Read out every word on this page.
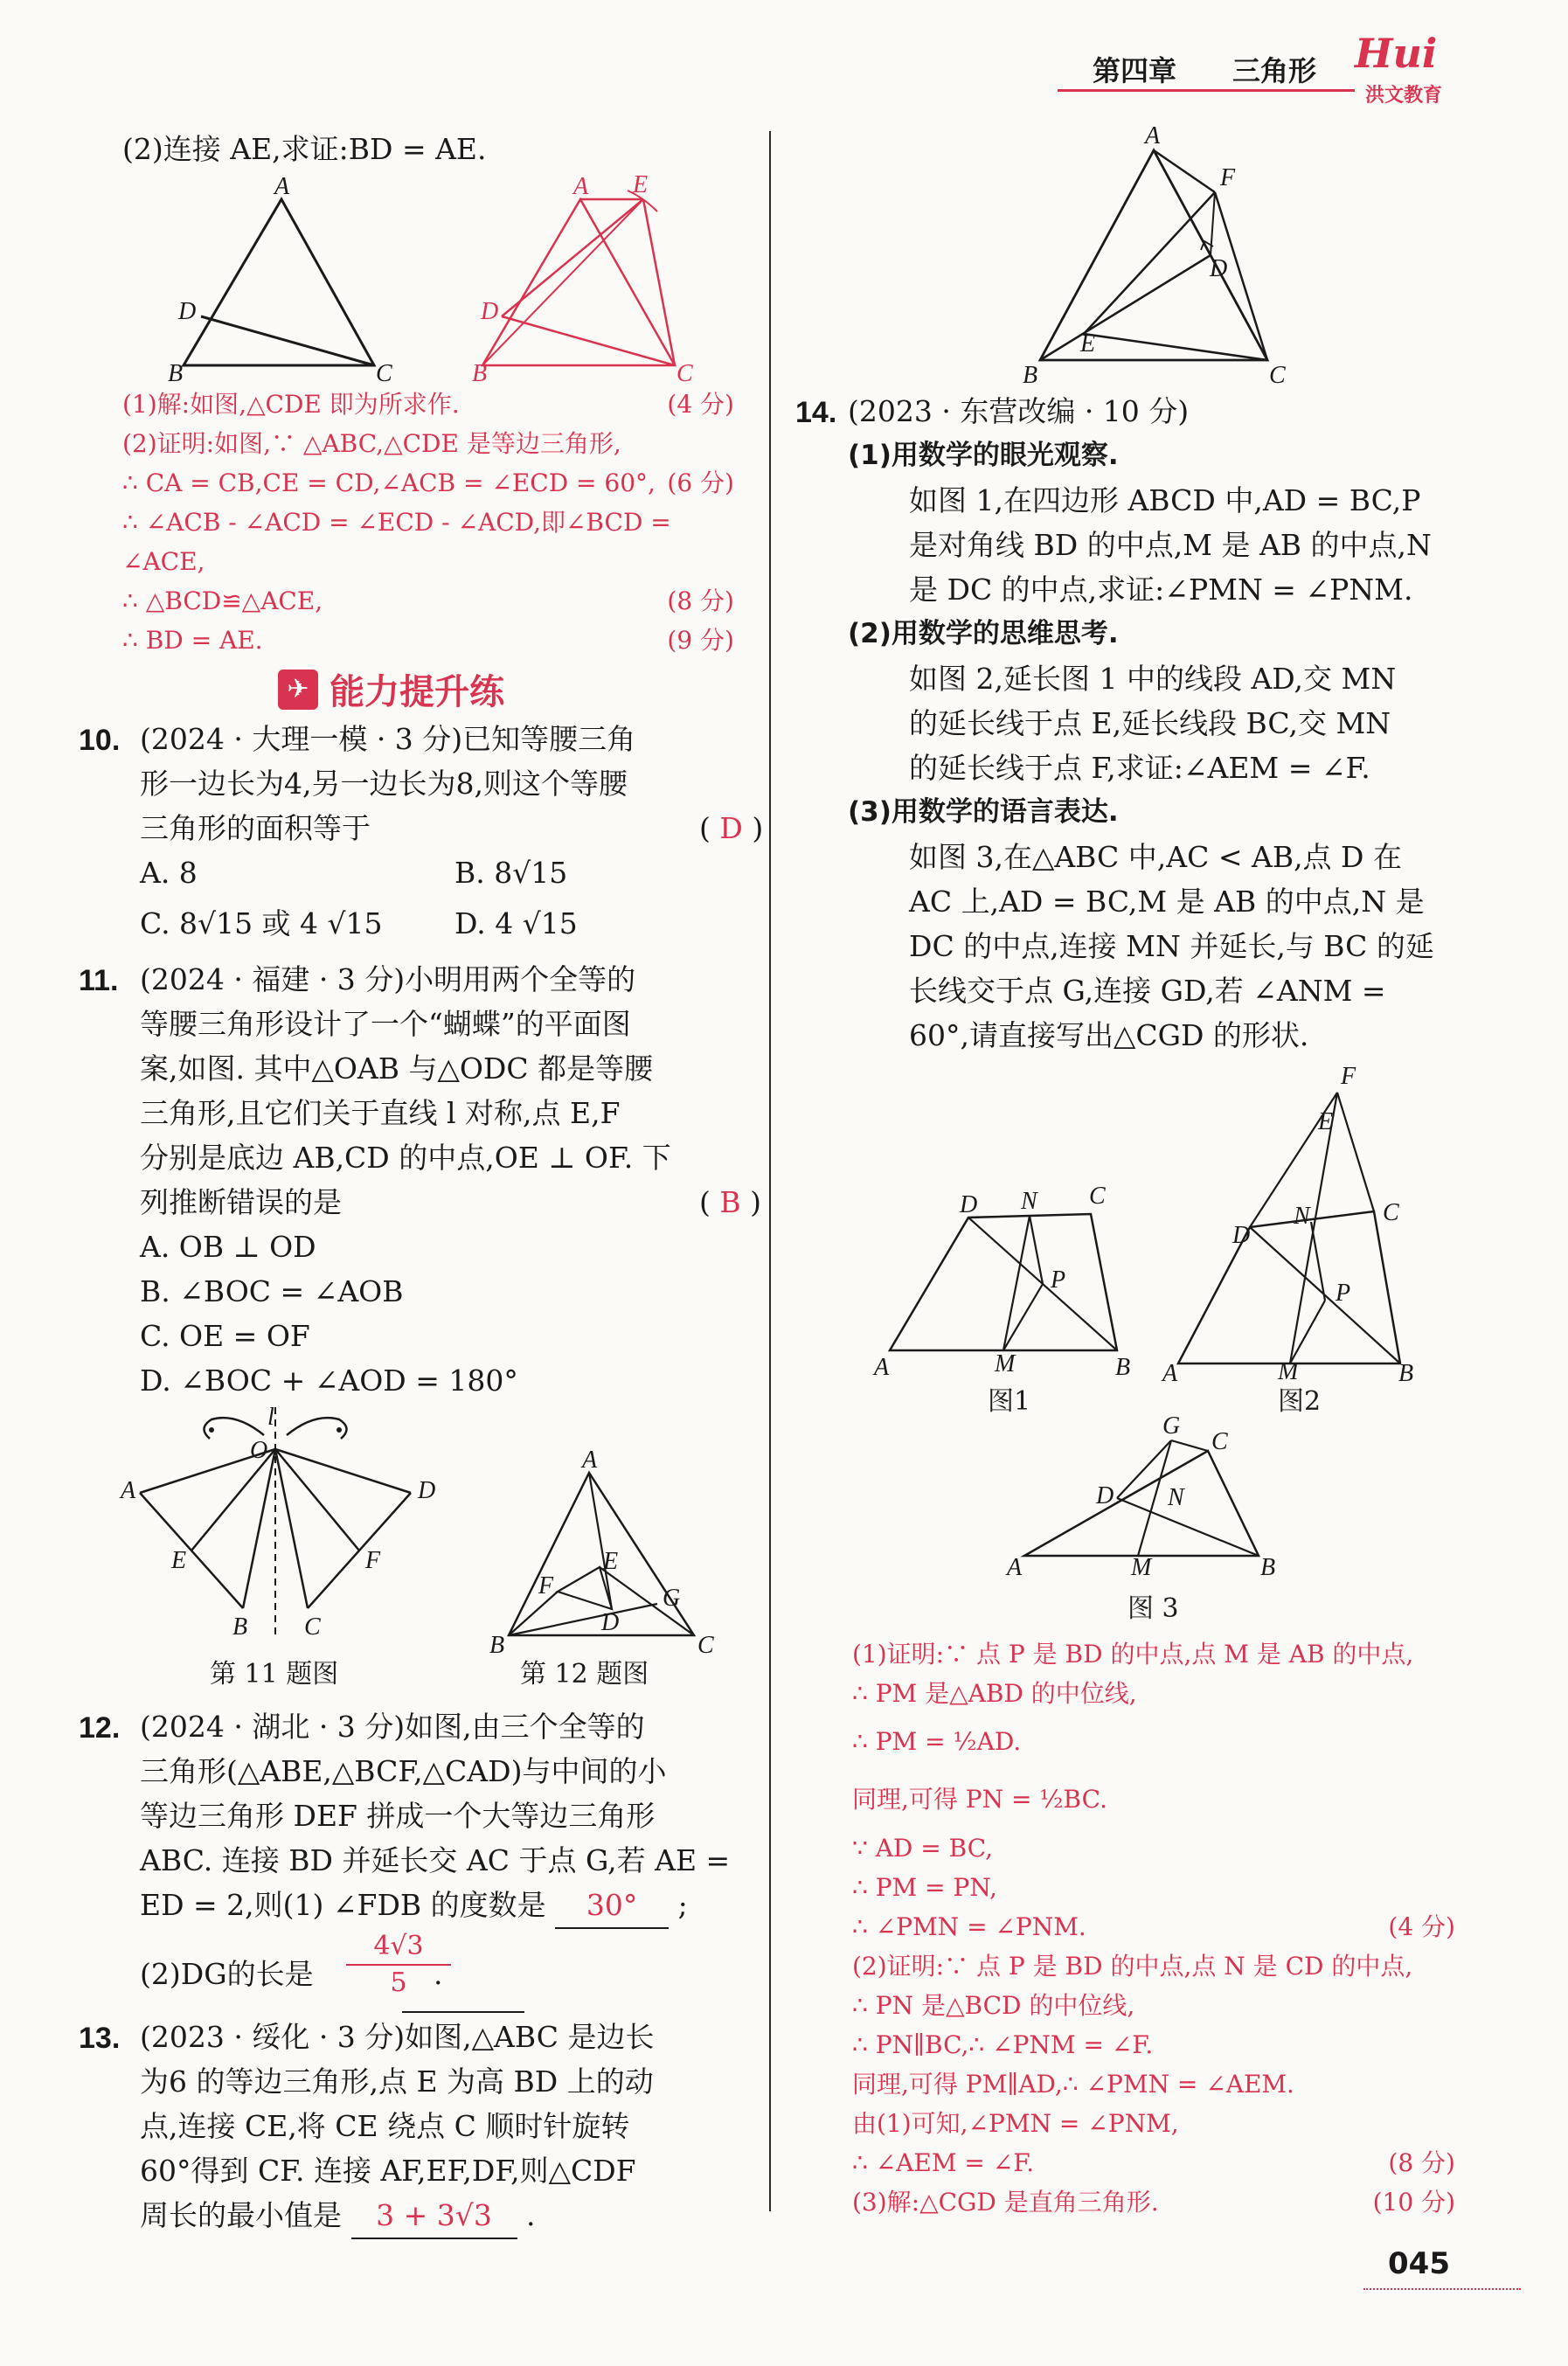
第四章 三角形 Hui
洪文教育
(2)连接 AE,求证:BD = AE.
A
B	C
D
A E
B	C
D
(1)解:如图,△CDE 即为所求作.	(4 分)
(2)证明:如图,∵ △ABC,△CDE 是等边三角形,
∴ CA = CB,CE = CD,∠ACB = ∠ECD = 60°, (6 分)
∴ ∠ACB - ∠ACD = ∠ECD - ∠ACD,即∠BCD =
∠ACE,
∴ △BCD≌△ACE,	(8 分)
∴ BD = AE.	(9 分)
✈ 能力提升练
10. (2024 · 大理一模 · 3 分)已知等腰三角
形一边长为4,另一边长为8,则这个等腰
三角形的面积等于	( D )
A. 8	B. 8√15
C. 8√15 或 4 √15 D. 4 √15
11. (2024 · 福建 · 3 分)小明用两个全等的
等腰三角形设计了一个“蝴蝶”的平面图
案,如图. 其中△OAB 与△ODC 都是等腰
三角形,且它们关于直线 l 对称,点 E,F
分别是底边 AB,CD 的中点,OE ⊥ OF. 下
列推断错误的是	( B )
A. OB ⊥ OD
B. ∠BOC = ∠AOB
C. OE = OF
D. ∠BOC + ∠AOD = 180°
l
O
A	D
E	F
B C
A
B	C
E
F
D
G
第 11 题图	第 12 题图
12. (2024 · 湖北 · 3 分)如图,由三个全等的
三角形(△ABE,△BCF,△CAD)与中间的小
等边三角形 DEF 拼成一个大等边三角形
ABC. 连接 BD 并延长交 AC 于点 G,若 AE =
ED = 2,则(1) ∠FDB 的度数是 30° ;
(2)DG的长是
4√3
5 .
13. (2023 · 绥化 · 3 分)如图,△ABC 是边长
为6 的等边三角形,点 E 为高 BD 上的动
点,连接 CE,将 CE 绕点 C 顺时针旋转
60°得到 CF. 连接 AF,EF,DF,则△CDF
周长的最小值是 3 + 3√3 .
A
F
D
E
B	C
14. (2023 · 东营改编 · 10 分)
(1)用数学的眼光观察.
如图 1,在四边形 ABCD 中,AD = BC,P
是对角线 BD 的中点,M 是 AB 的中点,N
是 DC 的中点,求证:∠PMN = ∠PNM.
(2)用数学的思维思考.
如图 2,延长图 1 中的线段 AD,交 MN
的延长线于点 E,延长线段 BC,交 MN
的延长线于点 F,求证:∠AEM = ∠F.
(3)用数学的语言表达.
如图 3,在△ABC 中,AC < AB,点 D 在
AC 上,AD = BC,M 是 AB 的中点,N 是
DC 的中点,连接 MN 并延长,与 BC 的延
长线交于点 G,连接 GD,若 ∠ANM =
60°,请直接写出△CGD 的形状.
A	M	B
D N C
P
图1
A	M	B
D
C
N
P
E
F
图2
A	M	B
D
G
C
N
图 3
(1)证明:∵ 点 P 是 BD 的中点,点 M 是 AB 的中点,
∴ PM 是△ABD 的中位线,
∴ PM = ½AD.
同理,可得 PN = ½BC.
∵ AD = BC,
∴ PM = PN,
∴ ∠PMN = ∠PNM.	(4 分)
(2)证明:∵ 点 P 是 BD 的中点,点 N 是 CD 的中点,
∴ PN 是△BCD 的中位线,
∴ PN∥BC,∴ ∠PNM = ∠F.
同理,可得 PM∥AD,∴ ∠PMN = ∠AEM.
由(1)可知,∠PMN = ∠PNM,
∴ ∠AEM = ∠F.	(8 分)
(3)解:△CGD 是直角三角形.	(10 分)
045
